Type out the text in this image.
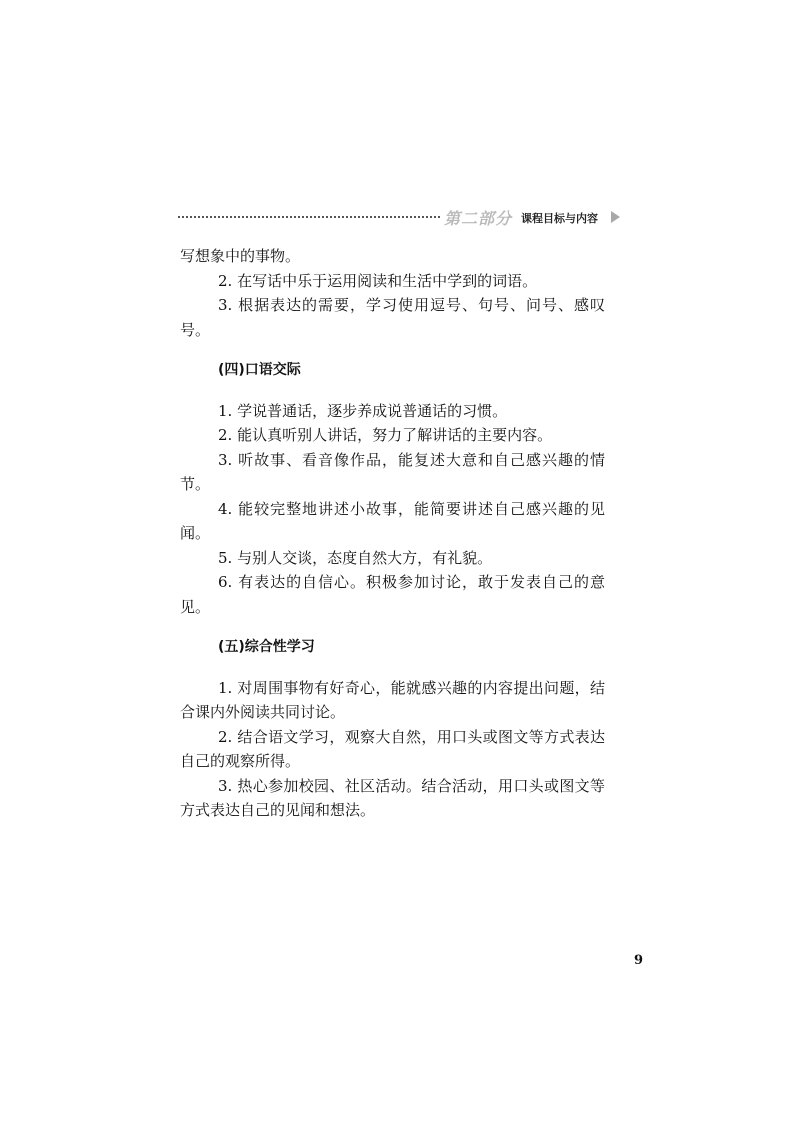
第二部分 课程目标与内容

写想象中的事物。

2. 在写话中乐于运用阅读和生活中学到的词语。

3. 根据表达的需要，学习使用逗号、句号、问号、感叹号。

(四)口语交际

1. 学说普通话，逐步养成说普通话的习惯。

2. 能认真听别人讲话，努力了解讲话的主要内容。

3. 听故事、看音像作品，能复述大意和自己感兴趣的情节。

4. 能较完整地讲述小故事，能简要讲述自己感兴趣的见闻。

5. 与别人交谈，态度自然大方，有礼貌。

6. 有表达的自信心。积极参加讨论，敢于发表自己的意见。

(五)综合性学习

1. 对周围事物有好奇心，能就感兴趣的内容提出问题，结合课内外阅读共同讨论。

2. 结合语文学习，观察大自然，用口头或图文等方式表达自己的观察所得。

3. 热心参加校园、社区活动。结合活动，用口头或图文等方式表达自己的见闻和想法。

9
